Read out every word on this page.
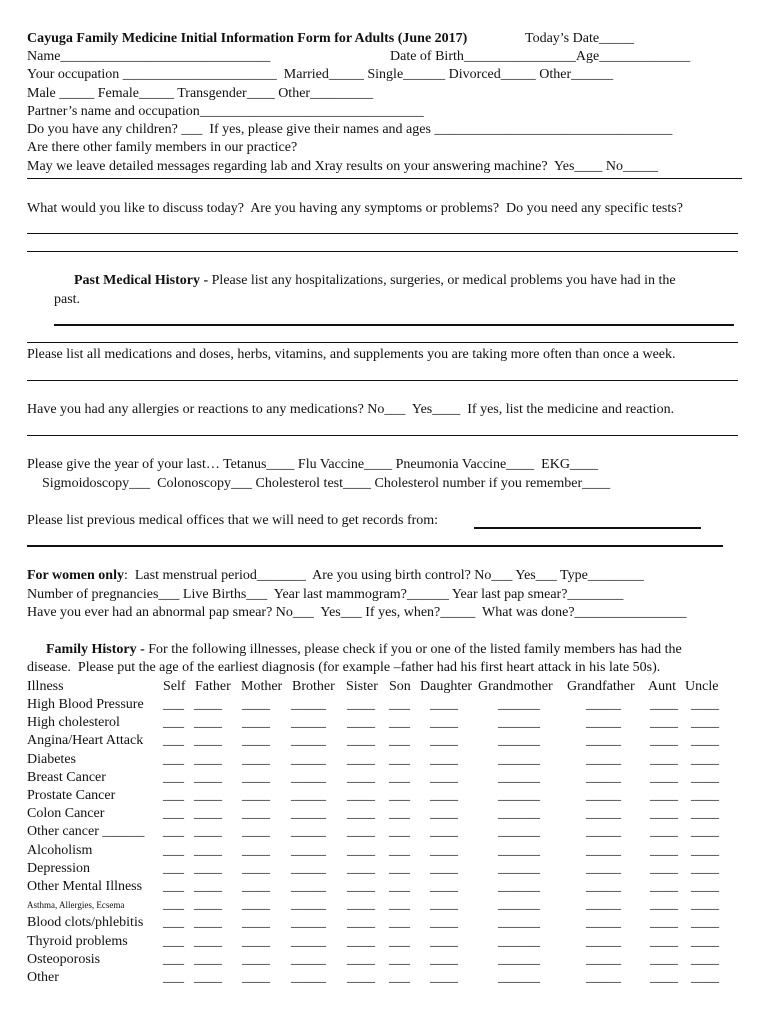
Cayuga Family Medicine Initial Information Form for Adults (June 2017)	Today’s Date_____
Name______________________________	Date of Birth________________Age_____________
Your occupation ______________________  Married_____ Single______ Divorced_____ Other______
Male _____ Female_____ Transgender____ Other_________
Partner’s name and occupation________________________________
Do you have any children? ___  If yes, please give their names and ages __________________________________
Are there other family members in our practice?
May we leave detailed messages regarding lab and Xray results on your answering machine?  Yes____ No_____
What would you like to discuss today?  Are you having any symptoms or problems?  Do you need any specific tests?
Past Medical History - Please list any hospitalizations, surgeries, or medical problems you have had in the
past.
Please list all medications and doses, herbs, vitamins, and supplements you are taking more often than once a week.
Have you had any allergies or reactions to any medications? No___  Yes____  If yes, list the medicine and reaction.
Please give the year of your last… Tetanus____ Flu Vaccine____ Pneumonia Vaccine____  EKG____
Sigmoidoscopy___  Colonoscopy___ Cholesterol test____ Cholesterol number if you remember____
Please list previous medical offices that we will need to get records from:
For women only:  Last menstrual period_______  Are you using birth control? No___ Yes___ Type________
Number of pregnancies___ Live Births___  Year last mammogram?______ Year last pap smear?________
Have you ever had an abnormal pap smear? No___  Yes___ If yes, when?_____  What was done?________________
Family History - For the following illnesses, please check if you or one of the listed family members has had the
disease.  Please put the age of the earliest diagnosis (for example –father had his first heart attack in his late 50s).
Illness	Self Father Mother Brother Sister Son Daughter Grandmother Grandfather Aunt Uncle
High Blood Pressure ___ ____ ____ _____ ____ ___ ____	______	_____ ____ ____
High cholesterol	___ ____ ____ _____ ____ ___ ____	______	_____ ____ ____
Angina/Heart Attack ___ ____ ____ _____ ____ ___ ____	______	_____ ____ ____
Diabetes	___ ____ ____ _____ ____ ___ ____	______	_____ ____ ____
Breast Cancer	___ ____ ____ _____ ____ ___ ____	______	_____ ____ ____
Prostate Cancer	___ ____ ____ _____ ____ ___ ____	______	_____ ____ ____
Colon Cancer	___ ____ ____ _____ ____ ___ ____	______	_____ ____ ____
Other cancer ______ ___ ____ ____ _____ ____ ___ ____	______	_____ ____ ____
Alcoholism	___ ____ ____ _____ ____ ___ ____	______	_____ ____ ____
Depression	___ ____ ____ _____ ____ ___ ____	______	_____ ____ ____
Other Mental Illness ___ ____ ____ _____ ____ ___ ____	______	_____ ____ ____
Asthma, Allergies, Ecsema	___ ____ ____ _____ ____ ___ ____	______	_____ ____ ____
Blood clots/phlebitis ___ ____ ____ _____ ____ ___ ____	______	_____ ____ ____
Thyroid problems	___ ____ ____ _____ ____ ___ ____	______	_____ ____ ____
Osteoporosis	___ ____ ____ _____ ____ ___ ____	______	_____ ____ ____
Other	___ ____ ____ _____ ____ ___ ____	______	_____ ____ ____
